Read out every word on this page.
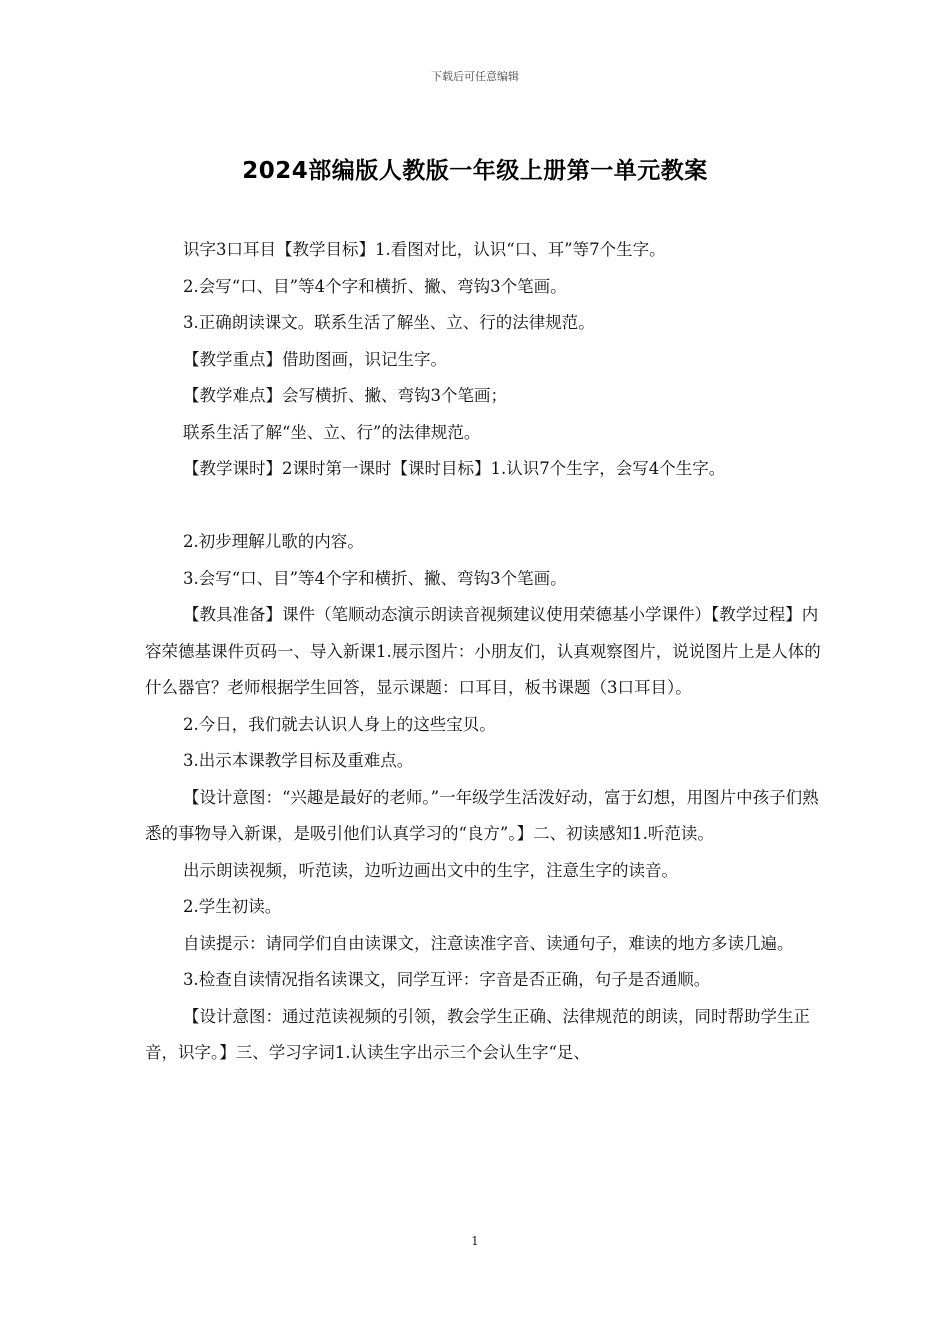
下载后可任意编辑
2024部编版人教版一年级上册第一单元教案

识字3口耳目【教学目标】1.看图对比，认识“口、耳”等7个生字。

2.会写“口、目”等4个字和横折、撇、弯钩3个笔画。

3.正确朗读课文。联系生活了解坐、立、行的法律规范。

【教学重点】借助图画，识记生字。

【教学难点】会写横折、撇、弯钩3个笔画；

联系生活了解“坐、立、行”的法律规范。

【教学课时】2课时第一课时【课时目标】1.认识7个生字，会写4个生字。

2.初步理解儿歌的内容。

3.会写“口、目”等4个字和横折、撇、弯钩3个笔画。

【教具准备】课件（笔顺动态演示朗读音视频建议使用荣德基小学课件）【教学过程】内容荣德基课件页码一、导入新课1.展示图片：小朋友们，认真观察图片，说说图片上是人体的什么器官？老师根据学生回答，显示课题：口耳目，板书课题（3口耳目）。

2.今日，我们就去认识人身上的这些宝贝。

3.出示本课教学目标及重难点。

【设计意图：“兴趣是最好的老师。”一年级学生活泼好动，富于幻想，用图片中孩子们熟悉的事物导入新课，是吸引他们认真学习的“良方”。】二、初读感知1.听范读。

出示朗读视频，听范读，边听边画出文中的生字，注意生字的读音。

2.学生初读。

自读提示：请同学们自由读课文，注意读准字音、读通句子，难读的地方多读几遍。

3.检查自读情况指名读课文，同学互评：字音是否正确，句子是否通顺。

【设计意图：通过范读视频的引领，教会学生正确、法律规范的朗读，同时帮助学生正音，识字。】三、学习字词1.认读生字出示三个会认生字“足、

1
